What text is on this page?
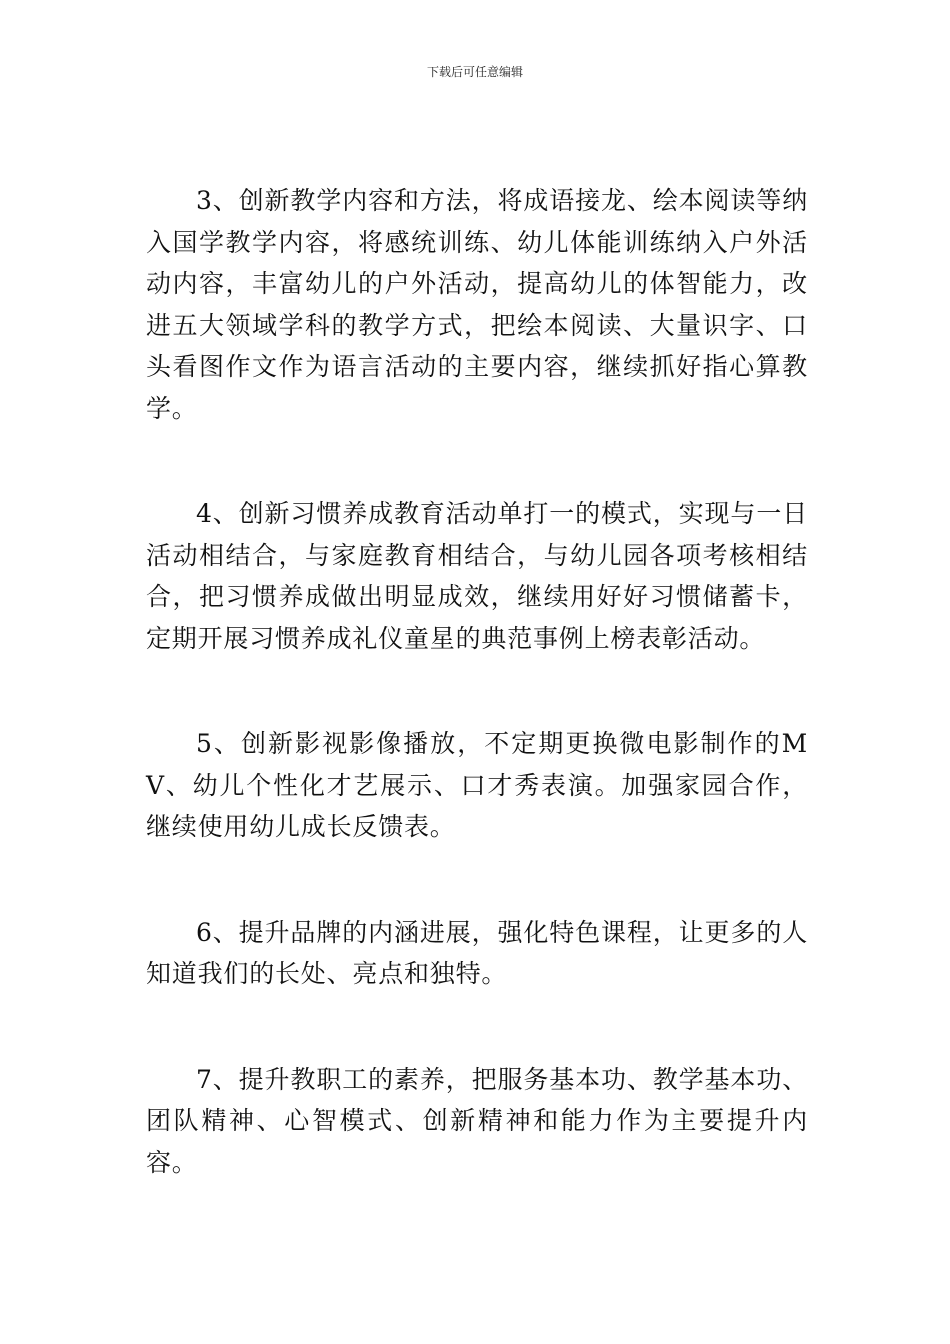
下载后可任意编辑

3、创新教学内容和方法，将成语接龙、绘本阅读等纳入国学教学内容，将感统训练、幼儿体能训练纳入户外活动内容，丰富幼儿的户外活动，提高幼儿的体智能力，改进五大领域学科的教学方式，把绘本阅读、大量识字、口头看图作文作为语言活动的主要内容，继续抓好指心算教学。

4、创新习惯养成教育活动单打一的模式，实现与一日活动相结合，与家庭教育相结合，与幼儿园各项考核相结合，把习惯养成做出明显成效，继续用好好习惯储蓄卡，定期开展习惯养成礼仪童星的典范事例上榜表彰活动。

5、创新影视影像播放，不定期更换微电影制作的MV、幼儿个性化才艺展示、口才秀表演。加强家园合作，继续使用幼儿成长反馈表。

6、提升品牌的内涵进展，强化特色课程，让更多的人知道我们的长处、亮点和独特。

7、提升教职工的素养，把服务基本功、教学基本功、团队精神、心智模式、创新精神和能力作为主要提升内容。
